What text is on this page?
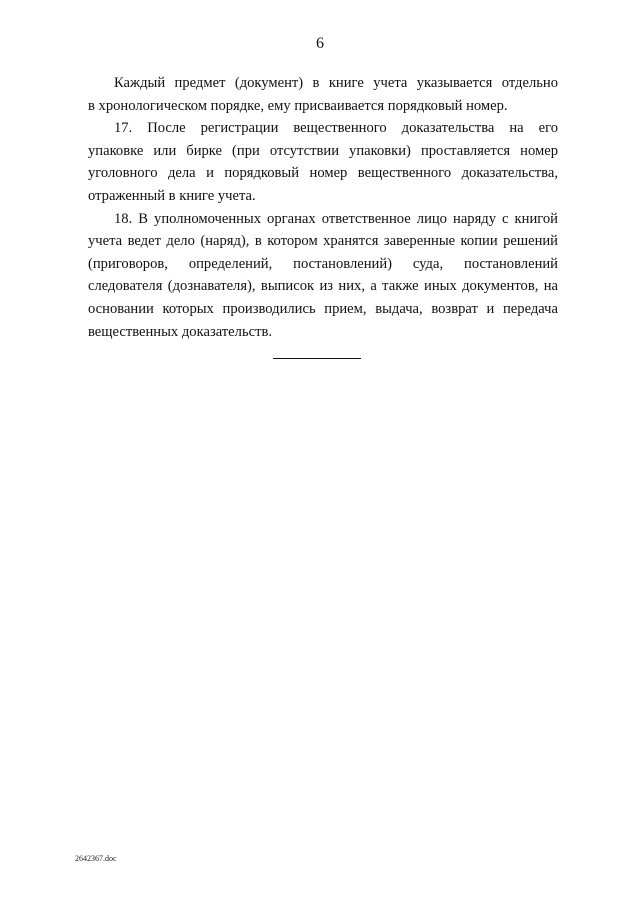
6
Каждый предмет (документ) в книге учета указывается отдельно
в хронологическом порядке, ему присваивается порядковый номер.
17. После регистрации вещественного доказательства на его
упаковке или бирке (при отсутствии упаковки) проставляется номер
уголовного дела и порядковый номер вещественного доказательства,
отраженный в книге учета.
18. В уполномоченных органах ответственное лицо наряду с книгой
учета ведет дело (наряд), в котором хранятся заверенные копии решений
(приговоров, определений, постановлений) суда, постановлений
следователя (дознавателя), выписок из них, а также иных документов, на
основании которых производились прием, выдача, возврат и передача
вещественных доказательств.
2642367.doc
